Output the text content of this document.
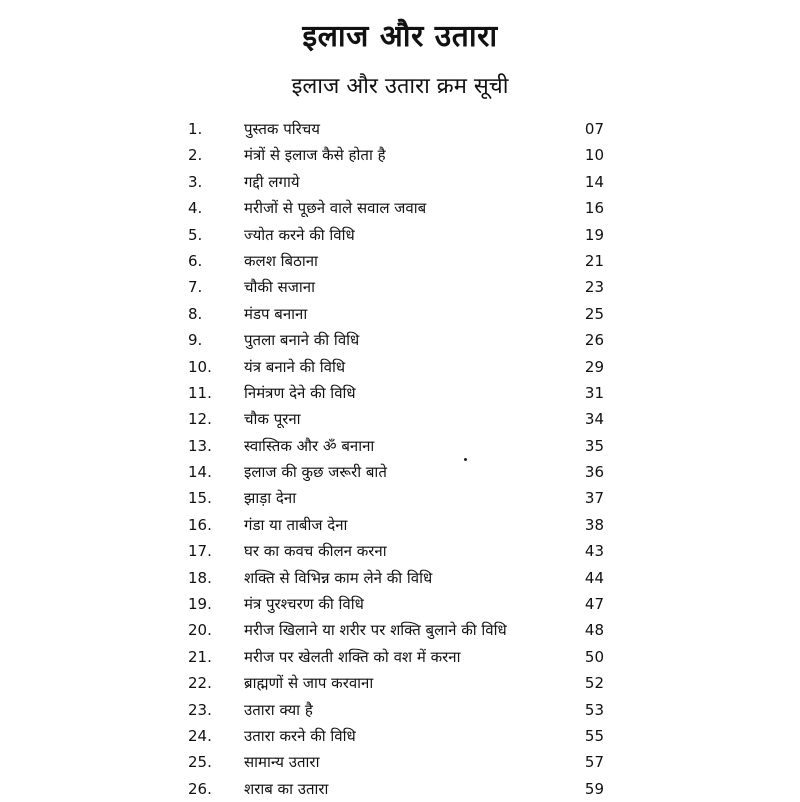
इलाज और उतारा
इलाज और उतारा क्रम सूची
1.	पुस्तक परिचय	07
2.	मंत्रों से इलाज कैसे होता है	10
3.	गद्दी लगाये	14
4.	मरीजों से पूछने वाले सवाल जवाब	16
5.	ज्योत करने की विधि	19
6.	कलश बिठाना	21
7.	चौकी सजाना	23
8.	मंडप बनाना	25
9.	पुतला बनाने की विधि	26
10. यंत्र बनाने की विधि	29
11. निमंत्रण देने की विधि	31
12. चौक पूरना	34
13. स्वास्तिक और ॐ बनाना	35
14. इलाज की कुछ जरूरी बाते	36
15. झाड़ा देना	37
16. गंडा या ताबीज देना	38
17. घर का कवच कीलन करना	43
18. शक्ति से विभिन्न काम लेने की विधि	44
19. मंत्र पुरश्चरण की विधि	47
20. मरीज खिलाने या शरीर पर शक्ति बुलाने की विधि	48
21. मरीज पर खेलती शक्ति को वश में करना	50
22. ब्राह्मणों से जाप करवाना	52
23. उतारा क्या है	53
24. उतारा करने की विधि	55
25. सामान्य उतारा	57
26. शराब का उतारा	59
